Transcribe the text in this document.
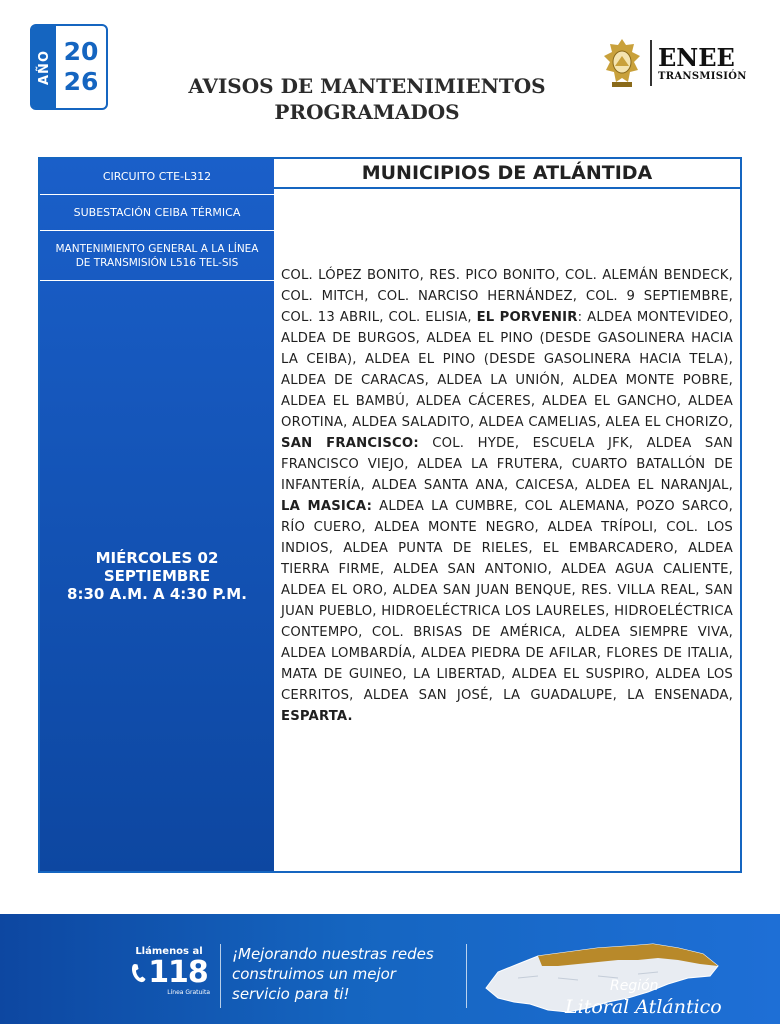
AÑO 20
26	AVISOS DE MANTENIMIENTOS
PROGRAMADOS
ENEE
TRANSMISIÓN
CIRCUITO CTE-L312
SUBESTACIÓN CEIBA TÉRMICA
MANTENIMIENTO GENERAL A LA LÍNEA
DE TRANSMISIÓN L516 TEL-SIS
MIÉRCOLES 02 SEPTIEMBRE
8:30 A.M. A 4:30 P.M.
MUNICIPIOS DE ATLÁNTIDA
COL. LÓPEZ BONITO, RES. PICO BONITO, COL. ALEMÁN BENDECK, COL. MITCH, COL. NARCISO HERNÁNDEZ, COL. 9 SEPTIEMBRE, COL. 13 ABRIL, COL. ELISIA, EL PORVENIR: ALDEA MONTEVIDEO, ALDEA DE BURGOS, ALDEA EL PINO (DESDE GASOLINERA HACIA LA CEIBA), ALDEA EL PINO (DESDE GASOLINERA HACIA TELA), ALDEA DE CARACAS, ALDEA LA UNIÓN, ALDEA MONTE POBRE, ALDEA EL BAMBÚ, ALDEA CÁCERES, ALDEA EL GANCHO, ALDEA OROTINA, ALDEA SALADITO, ALDEA CAMELIAS, ALEA EL CHORIZO, SAN FRANCISCO: COL. HYDE, ESCUELA JFK, ALDEA SAN FRANCISCO VIEJO, ALDEA LA FRUTERA, CUARTO BATALLÓN DE INFANTERÍA, ALDEA SANTA ANA, CAICESA, ALDEA EL NARANJAL, LA MASICA: ALDEA LA CUMBRE, COL ALEMANA, POZO SARCO, RÍO CUERO, ALDEA MONTE NEGRO, ALDEA TRÍPOLI, COL. LOS INDIOS, ALDEA PUNTA DE RIELES, EL EMBARCADERO, ALDEA TIERRA FIRME, ALDEA SAN ANTONIO, ALDEA AGUA CALIENTE, ALDEA EL ORO, ALDEA SAN JUAN BENQUE, RES. VILLA REAL, SAN JUAN PUEBLO, HIDROELÉCTRICA LOS LAURELES, HIDROELÉCTRICA CONTEMPO, COL. BRISAS DE AMÉRICA, ALDEA SIEMPRE VIVA, ALDEA LOMBARDÍA, ALDEA PIEDRA DE AFILAR, FLORES DE ITALIA, MATA DE GUINEO, LA LIBERTAD, ALDEA EL SUSPIRO, ALDEA LOS CERRITOS, ALDEA SAN JOSÉ, LA GUADALUPE, LA ENSENADA, ESPARTA.
Llámenos al
118
Línea Gratuita
¡Mejorando nuestras redes
construimos un mejor
servicio para ti!	Región
Litoral Atlántico
